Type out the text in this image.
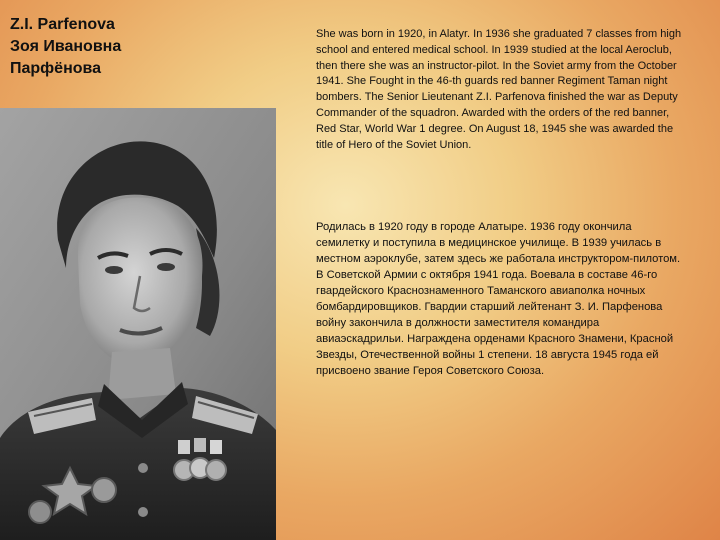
Z.I. Parfenova
Зоя Ивановна
Парфёнова
She was born in 1920, in Alatyr. In 1936 she graduated 7 classes from high school and entered medical school. In 1939 studied at the local Aeroclub, then there she was an instructor-pilot. In the Soviet army from the October 1941. She Fought in the 46-th guards red banner Regiment Taman night bombers. The Senior Lieutenant Z.I. Parfenova finished the war as Deputy Commander of the squadron. Awarded with the orders of the red banner, Red Star, World War 1 degree. On August 18, 1945 she was awarded the title of Hero of the Soviet Union.
Родилась в 1920 году в городе Алатыре. 1936 году окончила семилетку и поступила в медицинское училище. В 1939 училась в местном аэроклубе, затем здесь же работала инструктором-пилотом. В Советской Армии с октября 1941 года. Воевала в составе 46-го гвардейского Краснознаменного Таманского авиаполка ночных бомбардировщиков. Гвардии старший лейтенант З. И. Парфенова войну закончила в должности заместителя командира авиаэскадрильи. Награждена орденами Красного Знамени, Красной Звезды, Отечественной войны 1 степени. 18 августа 1945 года ей присвоено звание Героя Советского Союза.
